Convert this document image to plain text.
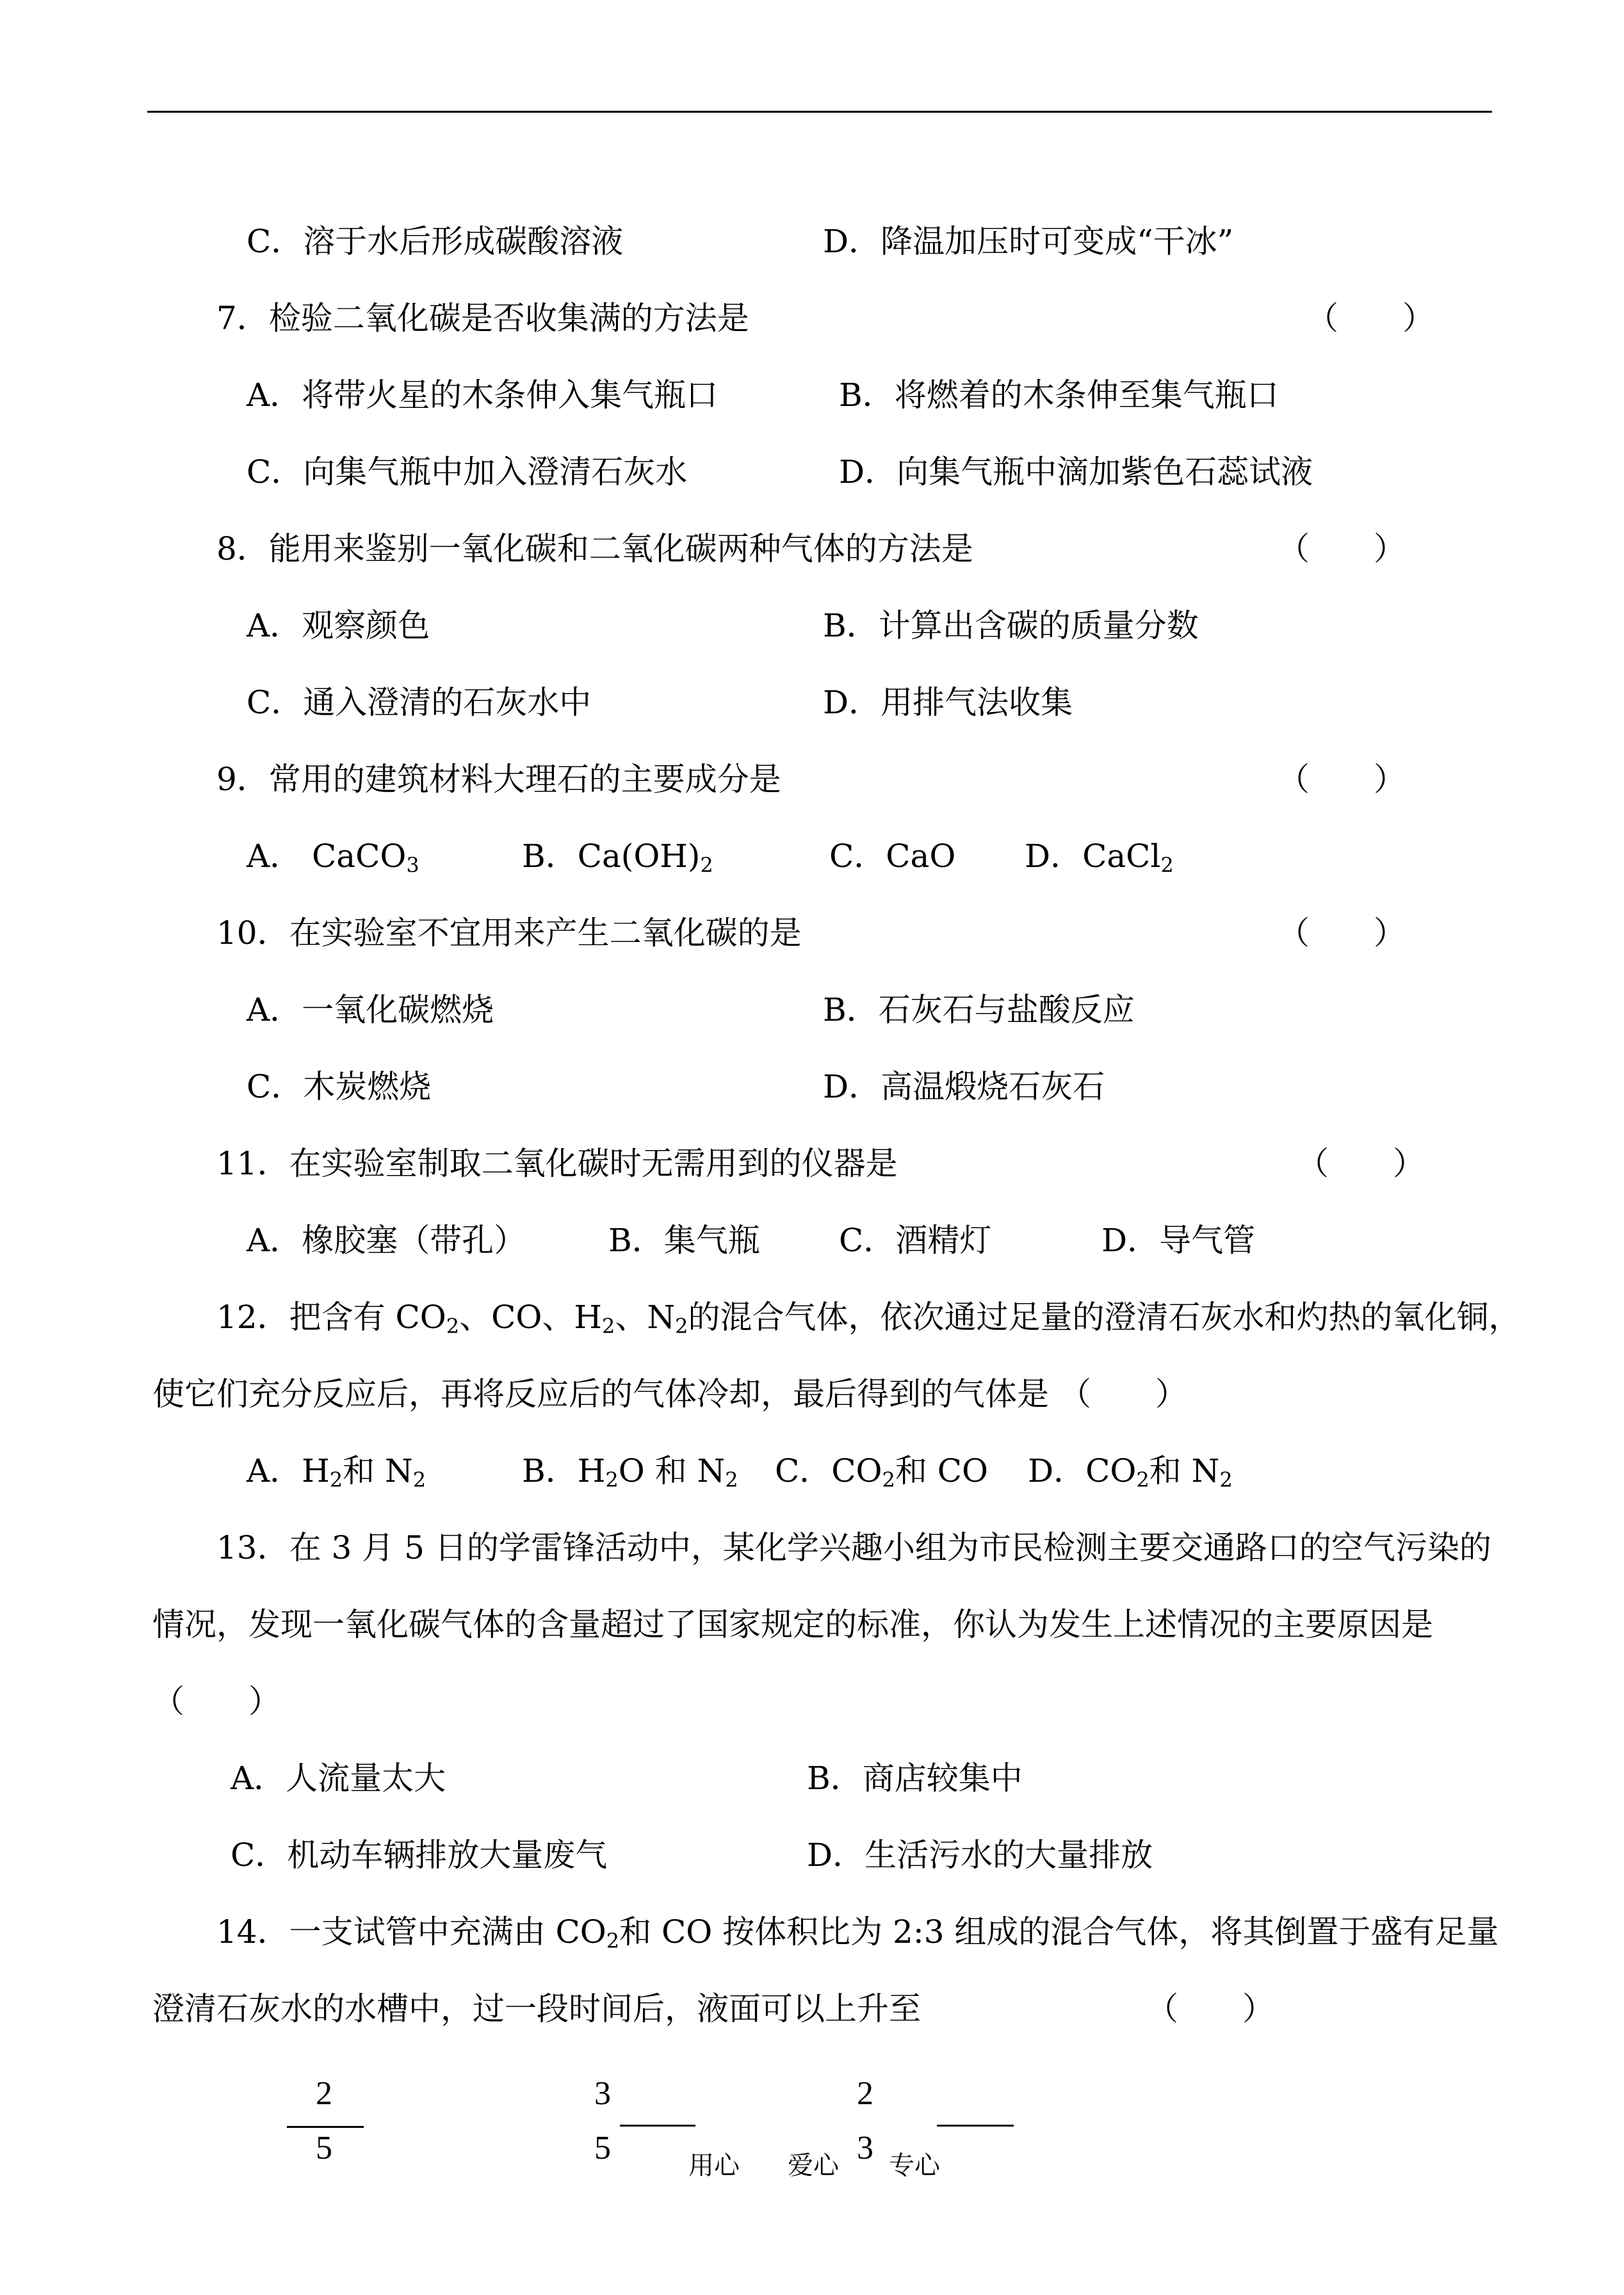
C．溶于水后形成碳酸溶液	D．降温加压时可变成“干冰”
7．检验二氧化碳是否收集满的方法是	（　　）
A．将带火星的木条伸入集气瓶口	B．将燃着的木条伸至集气瓶口
C．向集气瓶中加入澄清石灰水	D．向集气瓶中滴加紫色石蕊试液
8．能用来鉴别一氧化碳和二氧化碳两种气体的方法是	（　　）
A．观察颜色	B．计算出含碳的质量分数
C．通入澄清的石灰水中	D．用排气法收集
9．常用的建筑材料大理石的主要成分是	（　　）
A． CaCO$_3$	B．$Ca(OH)_2$	C．CaO D．CaCl$_2$
10．在实验室不宜用来产生二氧化碳的是	（　　）
A．一氧化碳燃烧	B．石灰石与盐酸反应
C．木炭燃烧	D．高温煅烧石灰石
11．在实验室制取二氧化碳时无需用到的仪器是	（　　）
A．橡胶塞（带孔）	B．集气瓶 C．酒精灯	D．导气管
12．把含有 $CO_2$、CO、$H_2$、$N_2$的混合气体，依次通过足量的澄清石灰水和灼热的氧化铜，
使它们充分反应后，再将反应后的气体冷却，最后得到的气体是 （　　）
A．$H_2$和 $N_2$	B．$H_2O$ 和 $N_2$ C．$CO_2$和 CO D．$CO_2$和 $N_2$
13．在 3 月 5 日的学雷锋活动中，某化学兴趣小组为市民检测主要交通路口的空气污染的
情况，发现一氧化碳气体的含量超过了国家规定的标准，你认为发生上述情况的主要原因是
（　　）
A．人流量太大	B．商店较集中
C．机动车辆排放大量废气	D．生活污水的大量排放
14．一支试管中充满由 $CO_2$和 CO 按体积比为 2:3 组成的混合气体，将其倒置于盛有足量
澄清石灰水的水槽中，过一段时间后，液面可以上升至	（　　）
2
5
3
5
2
3
用心 爱心 专心
